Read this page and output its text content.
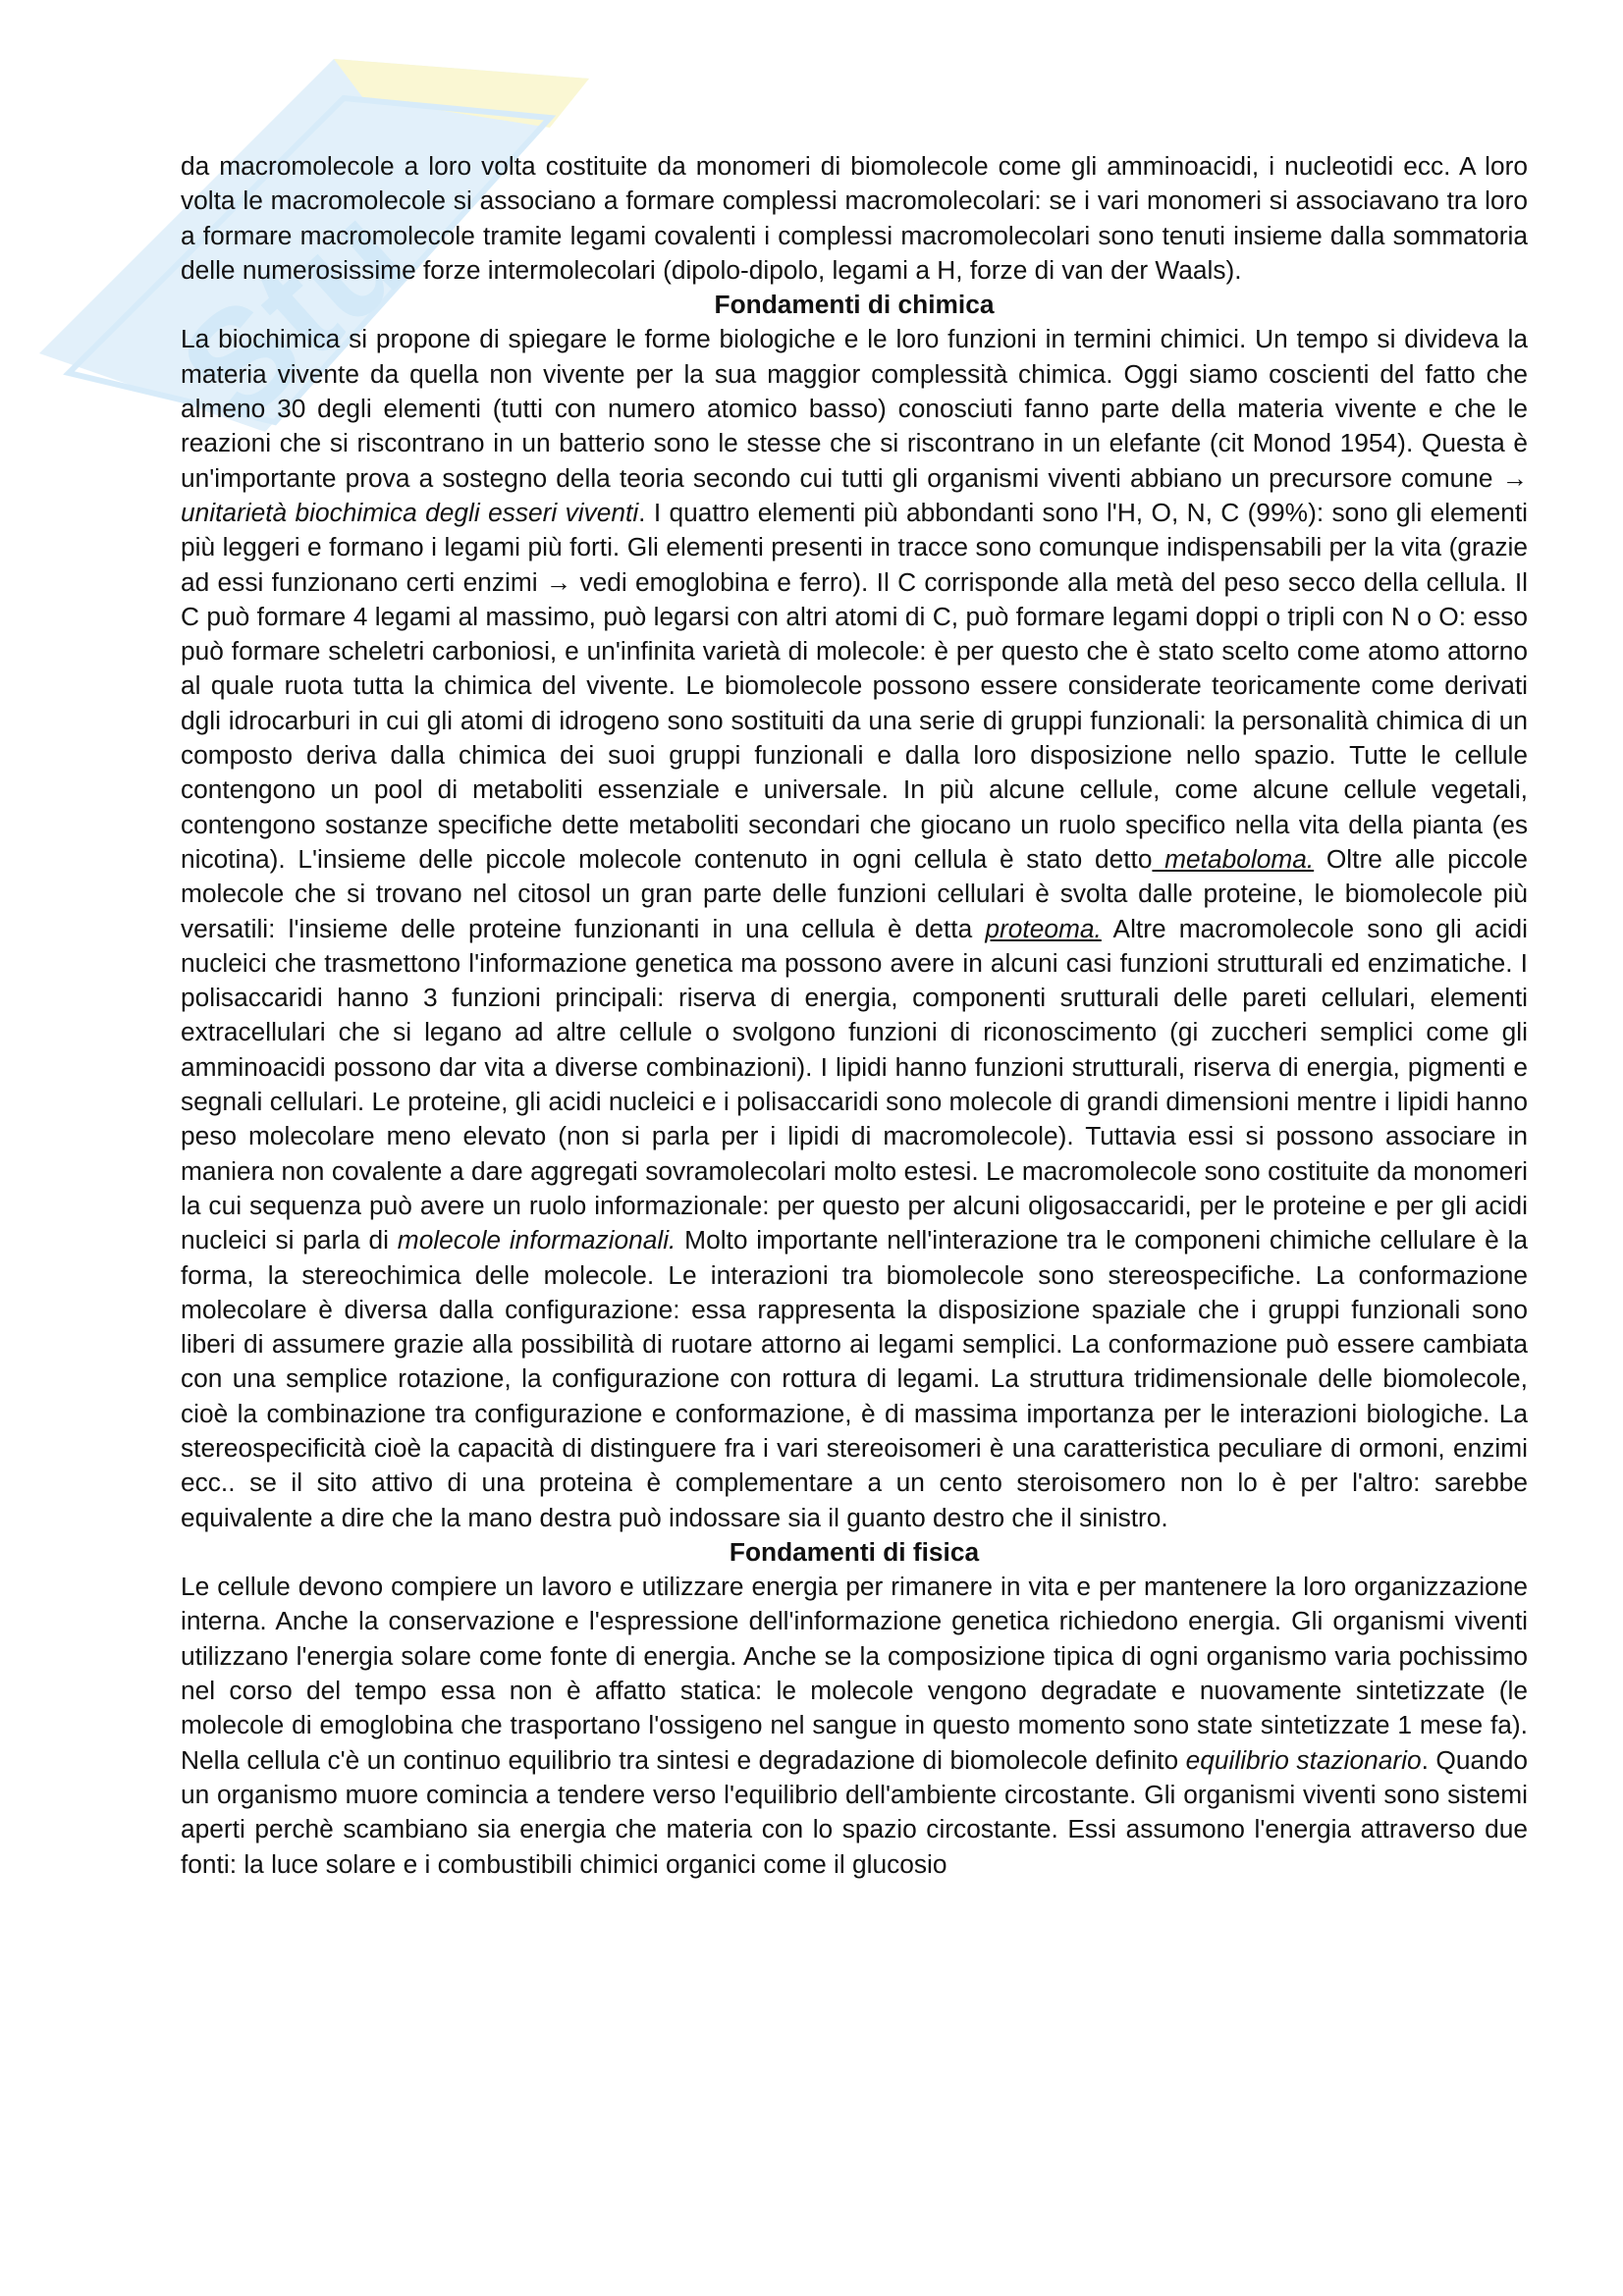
Stu

da macromolecole a loro volta costituite da monomeri di biomolecole come gli amminoacidi, i nucleotidi ecc. A loro volta le macromolecole si associano a formare complessi macromolecolari: se i vari monomeri si associavano tra loro a formare macromolecole tramite legami covalenti i complessi macromolecolari sono tenuti insieme dalla sommatoria delle numerosissime forze intermolecolari (dipolo-dipolo, legami a H, forze di van der Waals).

Fondamenti di chimica

La biochimica si propone di spiegare le forme biologiche e le loro funzioni in termini chimici. Un tempo si divideva la materia vivente da quella non vivente per la sua maggior complessità chimica. Oggi siamo coscienti del fatto che almeno 30 degli elementi (tutti con numero atomico basso) conosciuti fanno parte della materia vivente e che le reazioni che si riscontrano in un batterio sono le stesse che si riscontrano in un elefante (cit Monod 1954). Questa è un'importante prova a sostegno della teoria secondo cui tutti gli organismi viventi abbiano un precursore comune → unitarietà biochimica degli esseri viventi. I quattro elementi più abbondanti sono l'H, O, N, C (99%): sono gli elementi più leggeri e formano i legami più forti. Gli elementi presenti in tracce sono comunque indispensabili per la vita (grazie ad essi funzionano certi enzimi → vedi emoglobina e ferro). Il C corrisponde alla metà del peso secco della cellula. Il C può formare 4 legami al massimo, può legarsi con altri atomi di C, può formare legami doppi o tripli con N o O: esso può formare scheletri carboniosi, e un'infinita varietà di molecole: è per questo che è stato scelto come atomo attorno al quale ruota tutta la chimica del vivente. Le biomolecole possono essere considerate teoricamente come derivati dgli idrocarburi in cui gli atomi di idrogeno sono sostituiti da una serie di gruppi funzionali: la personalità chimica di un composto deriva dalla chimica dei suoi gruppi funzionali e dalla loro disposizione nello spazio. Tutte le cellule contengono un pool di metaboliti essenziale e universale. In più alcune cellule, come alcune cellule vegetali, contengono sostanze specifiche dette metaboliti secondari che giocano un ruolo specifico nella vita della pianta (es nicotina). L'insieme delle piccole molecole contenuto in ogni cellula è stato detto metaboloma. Oltre alle piccole molecole che si trovano nel citosol un gran parte delle funzioni cellulari è svolta dalle proteine, le biomolecole più versatili: l'insieme delle proteine funzionanti in una cellula è detta proteoma. Altre macromolecole sono gli acidi nucleici che trasmettono l'informazione genetica ma possono avere in alcuni casi funzioni strutturali ed enzimatiche. I polisaccaridi hanno 3 funzioni principali: riserva di energia, componenti srutturali delle pareti cellulari, elementi extracellulari che si legano ad altre cellule o svolgono funzioni di riconoscimento (gi zuccheri semplici come gli amminoacidi possono dar vita a diverse combinazioni). I lipidi hanno funzioni strutturali, riserva di energia, pigmenti e segnali cellulari. Le proteine, gli acidi nucleici e i polisaccaridi sono molecole di grandi dimensioni mentre i lipidi hanno peso molecolare meno elevato (non si parla per i lipidi di macromolecole). Tuttavia essi si possono associare in maniera non covalente a dare aggregati sovramolecolari molto estesi. Le macromolecole sono costituite da monomeri la cui sequenza può avere un ruolo informazionale: per questo per alcuni oligosaccaridi, per le proteine e per gli acidi nucleici si parla di molecole informazionali. Molto importante nell'interazione tra le componeni chimiche cellulare è la forma, la stereochimica delle molecole. Le interazioni tra biomolecole sono stereospecifiche. La conformazione molecolare è diversa dalla configurazione: essa rappresenta la disposizione spaziale che i gruppi funzionali sono liberi di assumere grazie alla possibilità di ruotare attorno ai legami semplici. La conformazione può essere cambiata con una semplice rotazione, la configurazione con rottura di legami. La struttura tridimensionale delle biomolecole, cioè la combinazione tra configurazione e conformazione, è di massima importanza per le interazioni biologiche. La stereospecificità cioè la capacità di distinguere fra i vari stereoisomeri è una caratteristica peculiare di ormoni, enzimi ecc.. se il sito attivo di una proteina è complementare a un cento steroisomero non lo è per l'altro: sarebbe equivalente a dire che la mano destra può indossare sia il guanto destro che il sinistro.

Fondamenti di fisica

Le cellule devono compiere un lavoro e utilizzare energia per rimanere in vita e per mantenere la loro organizzazione interna. Anche la conservazione e l'espressione dell'informazione genetica richiedono energia. Gli organismi viventi utilizzano l'energia solare come fonte di energia. Anche se la composizione tipica di ogni organismo varia pochissimo nel corso del tempo essa non è affatto statica: le molecole vengono degradate e nuovamente sintetizzate (le molecole di emoglobina che trasportano l'ossigeno nel sangue in questo momento sono state sintetizzate 1 mese fa). Nella cellula c'è un continuo equilibrio tra sintesi e degradazione di biomolecole definito equilibrio stazionario. Quando un organismo muore comincia a tendere verso l'equilibrio dell'ambiente circostante. Gli organismi viventi sono sistemi aperti perchè scambiano sia energia che materia con lo spazio circostante. Essi assumono l'energia attraverso due fonti: la luce solare e i combustibili chimici organici come il glucosio
